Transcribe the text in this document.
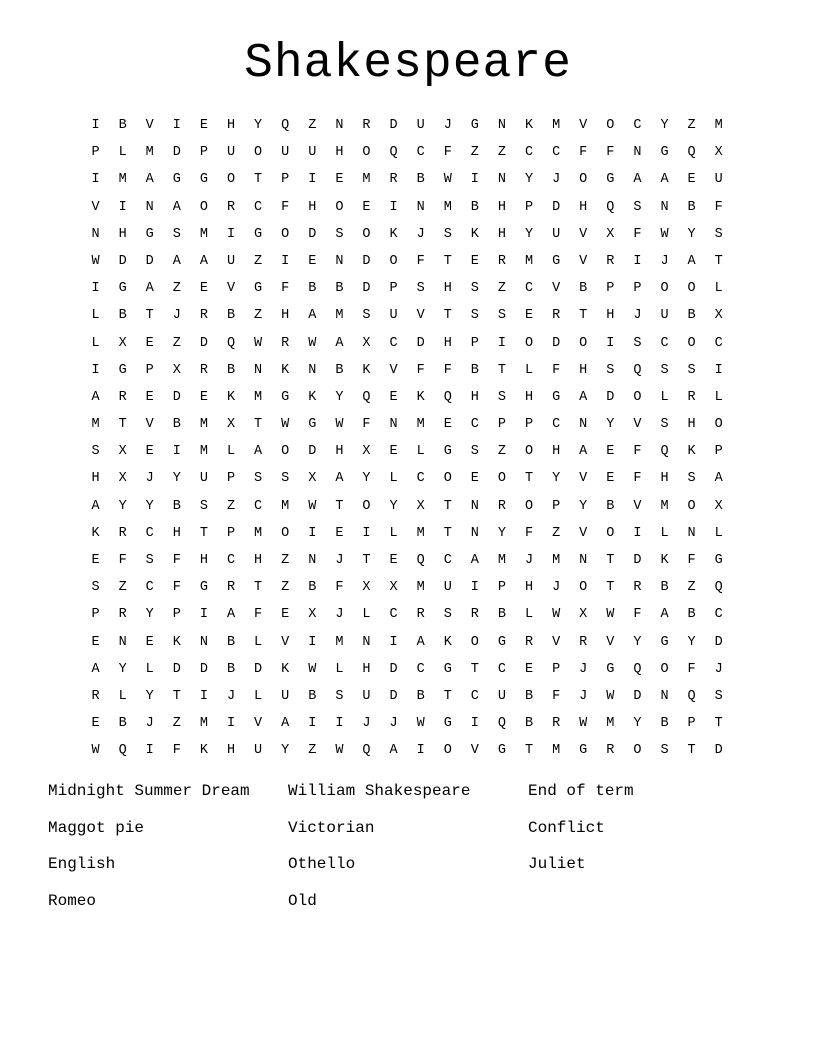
Shakespeare
I	B	V	I	E	H	Y	Q	Z	N	R	D	U	J	G	N	K	M	V	O	C	Y	Z	M
P	L	M	D	P	U	O	U	U	H	O	Q	C	F	Z	Z	C	C	F	F	N	G	Q	X
I	M	A	G	G	O	T	P	I	E	M	R	B	W	I	N	Y	J	O	G	A	A	E	U
V	I	N	A	O	R	C	F	H	O	E	I	N	M	B	H	P	D	H	Q	S	N	B	F
N	H	G	S	M	I	G	O	D	S	O	K	J	S	K	H	Y	U	V	X	F	W	Y	S
W	D	D	A	A	U	Z	I	E	N	D	O	F	T	E	R	M	G	V	R	I	J	A	T
I	G	A	Z	E	V	G	F	B	B	D	P	S	H	S	Z	C	V	B	P	P	O	O	L
L	B	T	J	R	B	Z	H	A	M	S	U	V	T	S	S	E	R	T	H	J	U	B	X
L	X	E	Z	D	Q	W	R	W	A	X	C	D	H	P	I	O	D	O	I	S	C	O	C
I	G	P	X	R	B	N	K	N	B	K	V	F	F	B	T	L	F	H	S	Q	S	S	I
A	R	E	D	E	K	M	G	K	Y	Q	E	K	Q	H	S	H	G	A	D	O	L	R	L
M	T	V	B	M	X	T	W	G	W	F	N	M	E	C	P	P	C	N	Y	V	S	H	O
S	X	E	I	M	L	A	O	D	H	X	E	L	G	S	Z	O	H	A	E	F	Q	K	P
H	X	J	Y	U	P	S	S	X	A	Y	L	C	O	E	O	T	Y	V	E	F	H	S	A
A	Y	Y	B	S	Z	C	M	W	T	O	Y	X	T	N	R	O	P	Y	B	V	M	O	X
K	R	C	H	T	P	M	O	I	E	I	L	M	T	N	Y	F	Z	V	O	I	L	N	L
E	F	S	F	H	C	H	Z	N	J	T	E	Q	C	A	M	J	M	N	T	D	K	F	G
S	Z	C	F	G	R	T	Z	B	F	X	X	M	U	I	P	H	J	O	T	R	B	Z	Q
P	R	Y	P	I	A	F	E	X	J	L	C	R	S	R	B	L	W	X	W	F	A	B	C
E	N	E	K	N	B	L	V	I	M	N	I	A	K	O	G	R	V	R	V	Y	G	Y	D
A	Y	L	D	D	B	D	K	W	L	H	D	C	G	T	C	E	P	J	G	Q	O	F	J
R	L	Y	T	I	J	L	U	B	S	U	D	B	T	C	U	B	F	J	W	D	N	Q	S
E	B	J	Z	M	I	V	A	I	I	J	J	W	G	I	Q	B	R	W	M	Y	B	P	T
W	Q	I	F	K	H	U	Y	Z	W	Q	A	I	O	V	G	T	M	G	R	O	S	T	D
Midnight Summer Dream	William Shakespeare	End of term
Maggot pie	Victorian	Conflict
English	Othello	Juliet
Romeo	Old
